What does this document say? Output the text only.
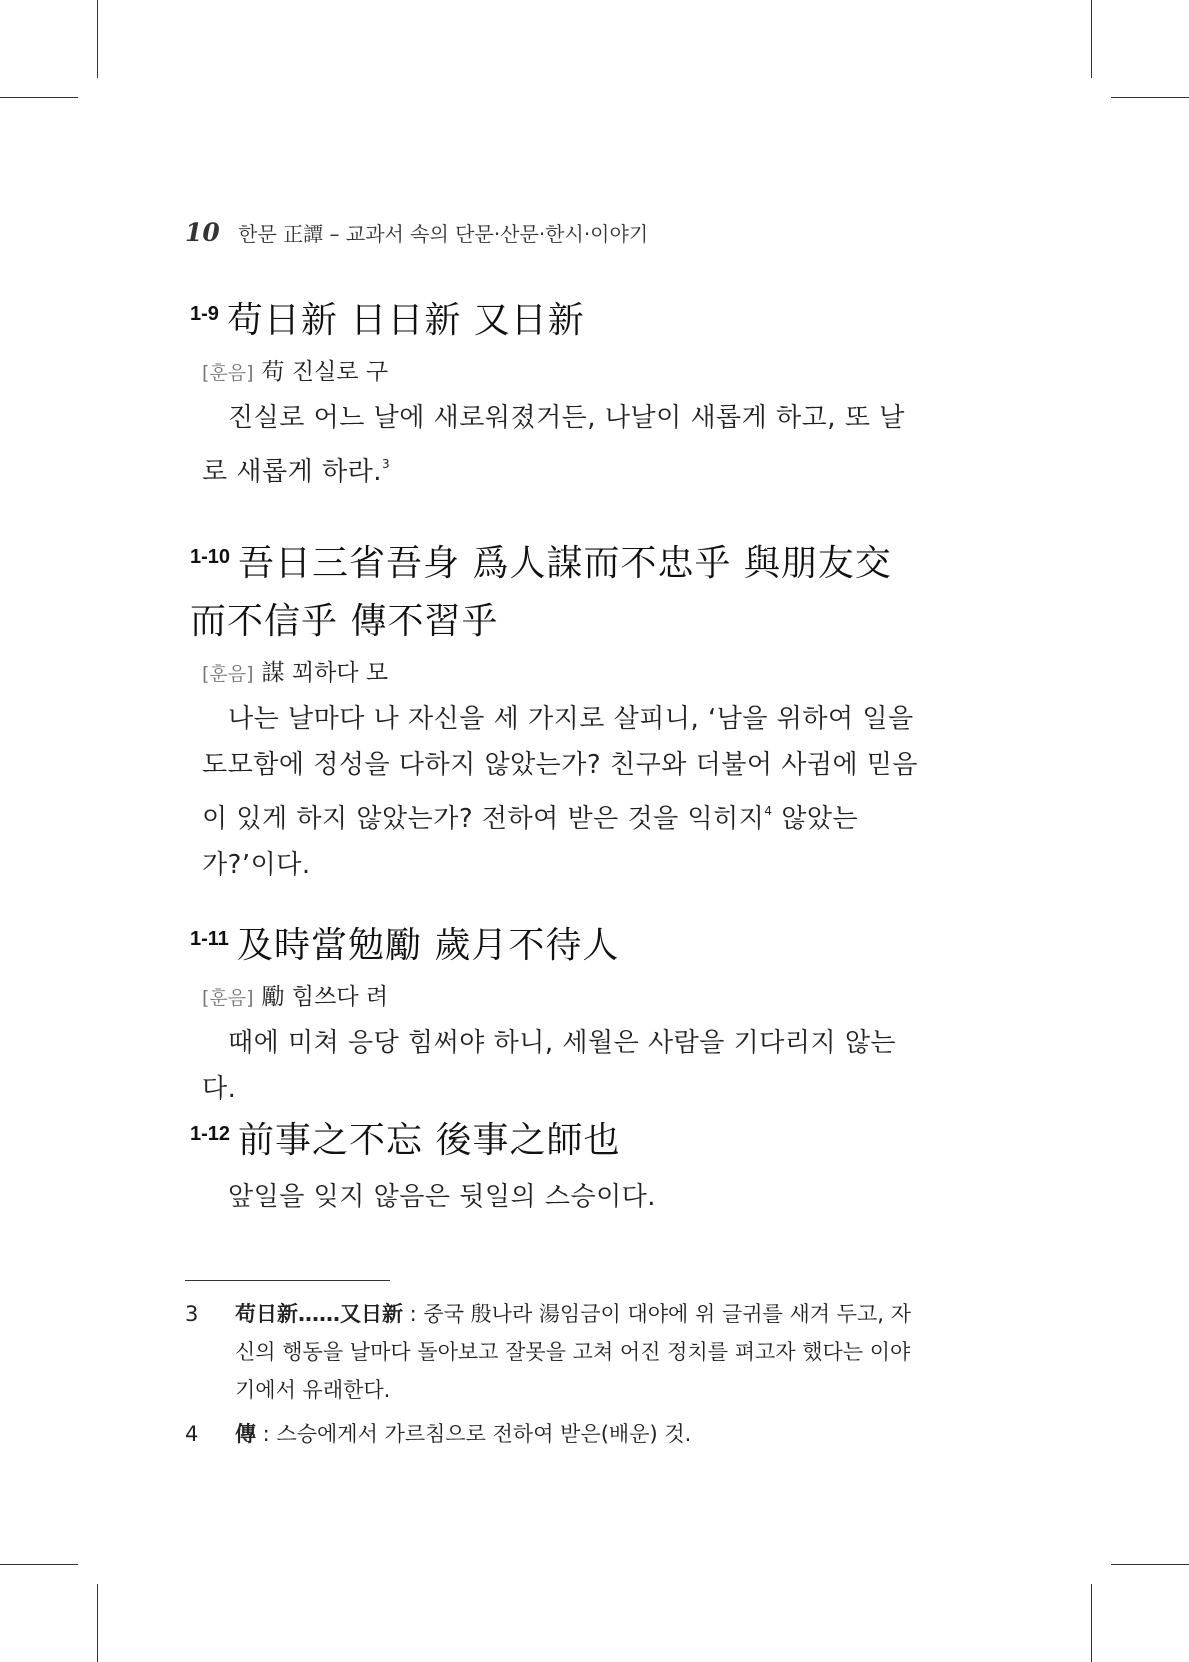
10 한문 正譚 – 교과서 속의 단문·산문·한시·이야기
$^{1-9}$ 苟日新 日日新 又日新
[훈음] 苟 진실로 구
진실로 어느 날에 새로워졌거든, 나날이 새롭게 하고, 또 날로 새롭게 하라.$^3$
$^{1-10}$ 吾日三省吾身 爲人謀而不忠乎 與朋友交而不信乎 傳不習乎
[훈음] 謀 꾀하다 모
나는 날마다 나 자신을 세 가지로 살피니, ‘남을 위하여 일을 도모함에 정성을 다하지 않았는가? 친구와 더불어 사귐에 믿음이 있게 하지 않았는가? 전하여 받은 것을 익히지$^4$ 않았는가?’이다.
$^{1-11}$ 及時當勉勵 歲月不待人
[훈음] 勵 힘쓰다 려
때에 미쳐 응당 힘써야 하니, 세월은 사람을 기다리지 않는다.
$^{1-12}$ 前事之不忘 後事之師也
앞일을 잊지 않음은 뒷일의 스승이다.
3	苟日新……又日新 : 중국 殷나라 湯임금이 대야에 위 글귀를 새겨 두고, 자신의 행동을 날마다 돌아보고 잘못을 고쳐 어진 정치를 펴고자 했다는 이야기에서 유래한다.
4	傳 : 스승에게서 가르침으로 전하여 받은(배운) 것.
